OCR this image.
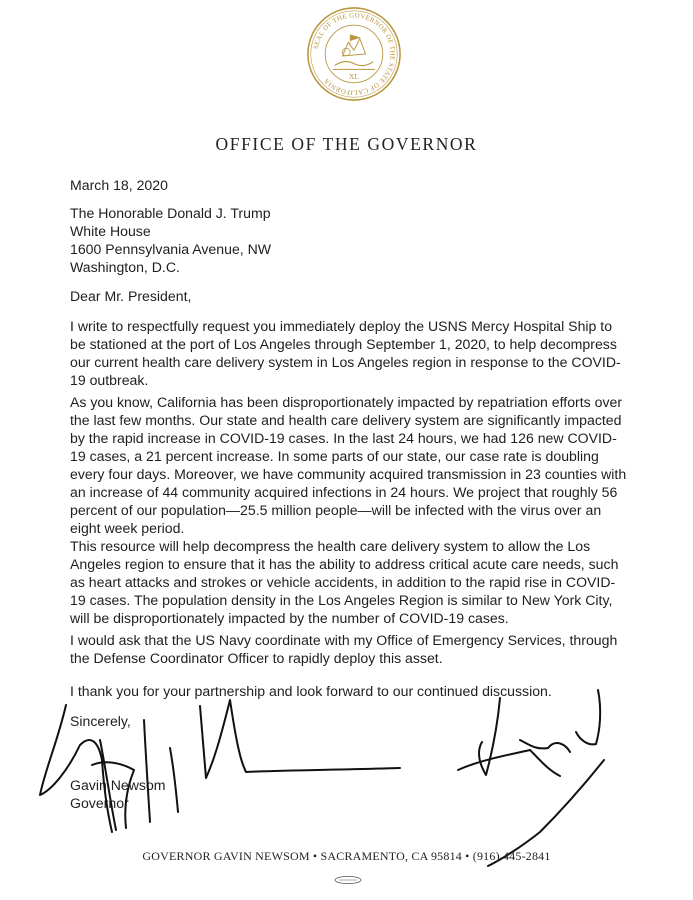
SEAL OF THE GOVERNOR OF THE STATE OF CALIFORNIA
XL
OFFICE OF THE GOVERNOR
March 18, 2020
The Honorable Donald J. Trump
White House
1600 Pennsylvania Avenue, NW
Washington, D.C.
Dear Mr. President,
I write to respectfully request you immediately deploy the USNS Mercy Hospital Ship to be stationed at the port of Los Angeles through September 1, 2020, to help decompress our current health care delivery system in Los Angeles region in response to the COVID-19 outbreak.
As you know, California has been disproportionately impacted by repatriation efforts over the last few months. Our state and health care delivery system are significantly impacted by the rapid increase in COVID-19 cases. In the last 24 hours, we had 126 new COVID-19 cases, a 21 percent increase. In some parts of our state, our case rate is doubling every four days. Moreover, we have community acquired transmission in 23 counties with an increase of 44 community acquired infections in 24 hours. We project that roughly 56 percent of our population—25.5 million people—will be infected with the virus over an eight week period.
This resource will help decompress the health care delivery system to allow the Los Angeles region to ensure that it has the ability to address critical acute care needs, such as heart attacks and strokes or vehicle accidents, in addition to the rapid rise in COVID-19 cases. The population density in the Los Angeles Region is similar to New York City, will be disproportionately impacted by the number of COVID-19 cases.
I would ask that the US Navy coordinate with my Office of Emergency Services, through the Defense Coordinator Officer to rapidly deploy this asset.
I thank you for your partnership and look forward to our continued discussion.
Sincerely,
Gavin Newsom
Governor
GOVERNOR GAVIN NEWSOM • SACRAMENTO, CA 95814 • (916) 445-2841
